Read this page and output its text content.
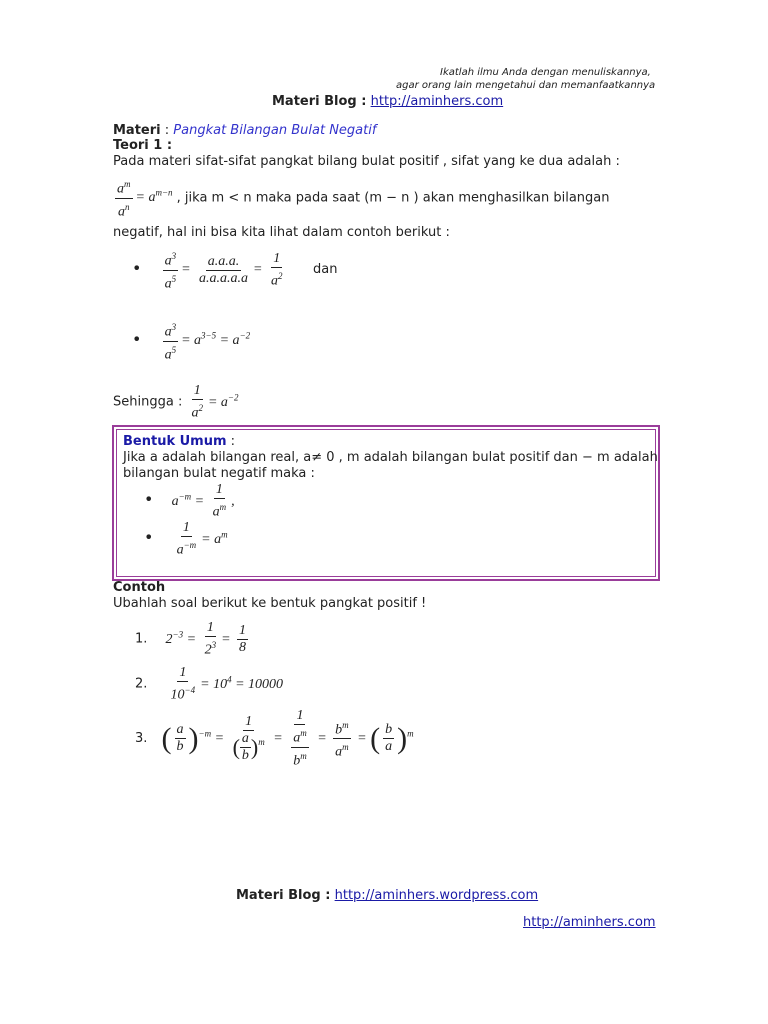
Ikatlah ilmu Anda dengan menuliskannya,
agar orang lain mengetahui dan memanfaatkannya
Materi Blog : http://aminhers.com
Materi : Pangkat Bilangan Bulat Negatif
Teori 1 :
Pada materi sifat-sifat pangkat bilang bulat positif , sifat yang ke dua adalah :
$\frac{a^m}{a^n} = a^{m-n}$ , jika m < n maka pada saat (m − n ) akan menghasilkan bilangan
negatif, hal ini bisa kita lihat dalam contoh berikut :
• $\frac{a^3}{a^5} = \frac{a.a.a.}{a.a.a.a.a} = \frac{1}{a^2}$ dan
• $\frac{a^3}{a^5} = a^{3-5} = a^{-2}$
Sehingga : $\frac{1}{a^2} = a^{-2}$
Bentuk Umum :
Jika a adalah bilangan real, a≠ 0 , m adalah bilangan bulat positif dan − m adalah
bilangan bulat negatif maka :
• $a^{-m} = \frac{1}{a^m}$ ,
• $\frac{1}{a^{-m}} = a^m$
Contoh
Ubahlah soal berikut ke bentuk pangkat positif !
1. $2^{-3} = \frac{1}{2^3} = \frac{1}{8}$
2. $\frac{1}{10^{-4}} = 10^4 = 10000$
3. ( $\frac{a}{b} )^{-m} = \frac{1}{( \frac{a}{b} )^m} = \frac{1}{\frac{a^m}{b^m}} = \frac{b^m}{a^m}$ = ( $\frac{b}{a} )^m$
Materi Blog : http://aminhers.wordpress.com
http://aminhers.com
